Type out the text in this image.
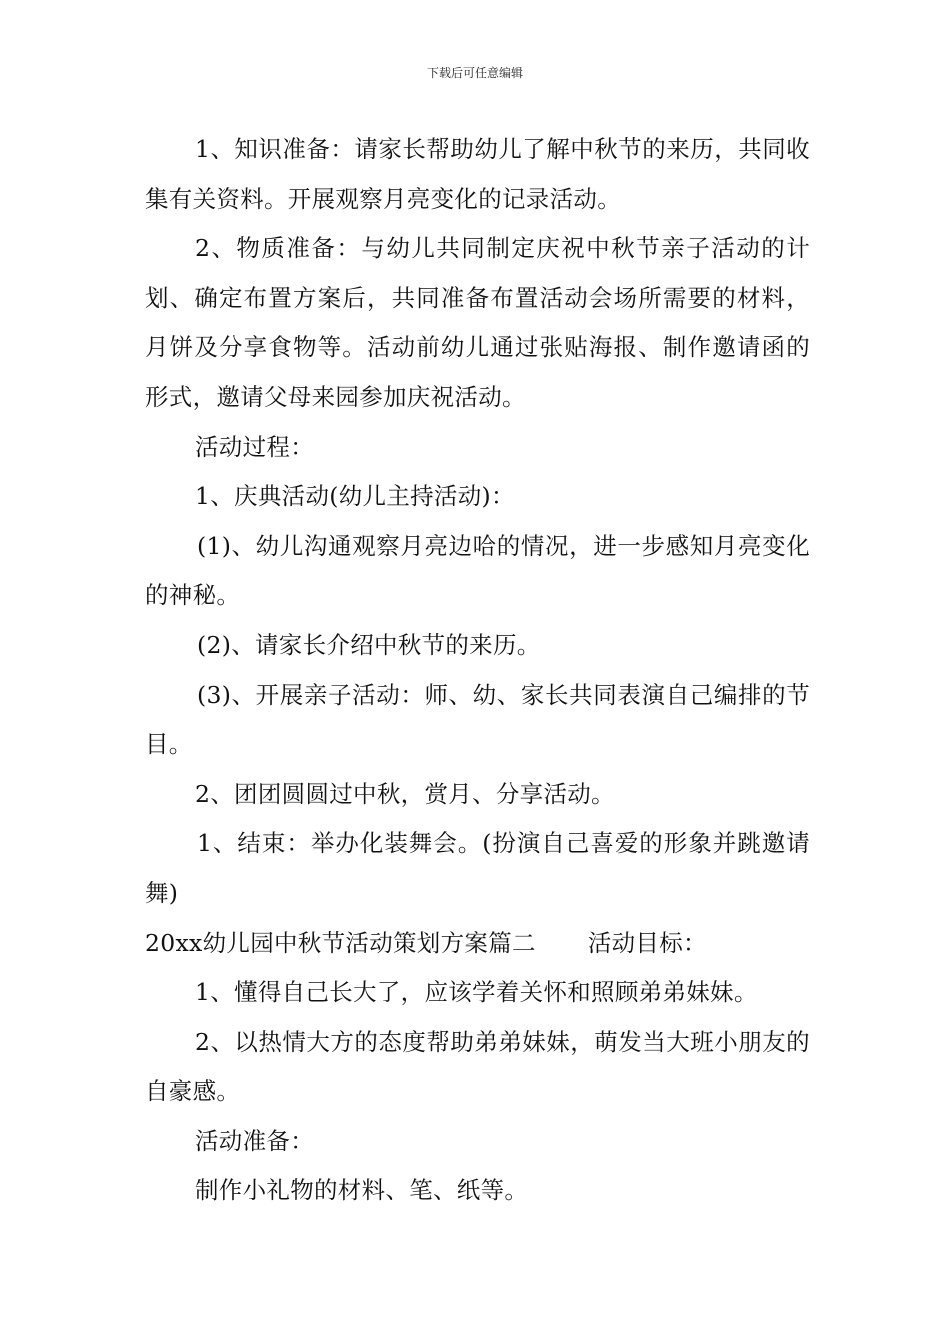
下载后可任意编辑

1、知识准备：请家长帮助幼儿了解中秋节的来历，共同收集有关资料。开展观察月亮变化的记录活动。

2、物质准备：与幼儿共同制定庆祝中秋节亲子活动的计划、确定布置方案后，共同准备布置活动会场所需要的材料，月饼及分享食物等。活动前幼儿通过张贴海报、制作邀请函的形式，邀请父母来园参加庆祝活动。

活动过程：

1、庆典活动(幼儿主持活动)：

(1)、幼儿沟通观察月亮边哈的情况，进一步感知月亮变化的神秘。

(2)、请家长介绍中秋节的来历。

(3)、开展亲子活动：师、幼、家长共同表演自己编排的节目。

2、团团圆圆过中秋，赏月、分享活动。

1、结束：举办化装舞会。(扮演自己喜爱的形象并跳邀请舞)

20xx幼儿园中秋节活动策划方案篇二 活动目标：

1、懂得自己长大了，应该学着关怀和照顾弟弟妹妹。

2、以热情大方的态度帮助弟弟妹妹，萌发当大班小朋友的自豪感。

活动准备：

制作小礼物的材料、笔、纸等。
